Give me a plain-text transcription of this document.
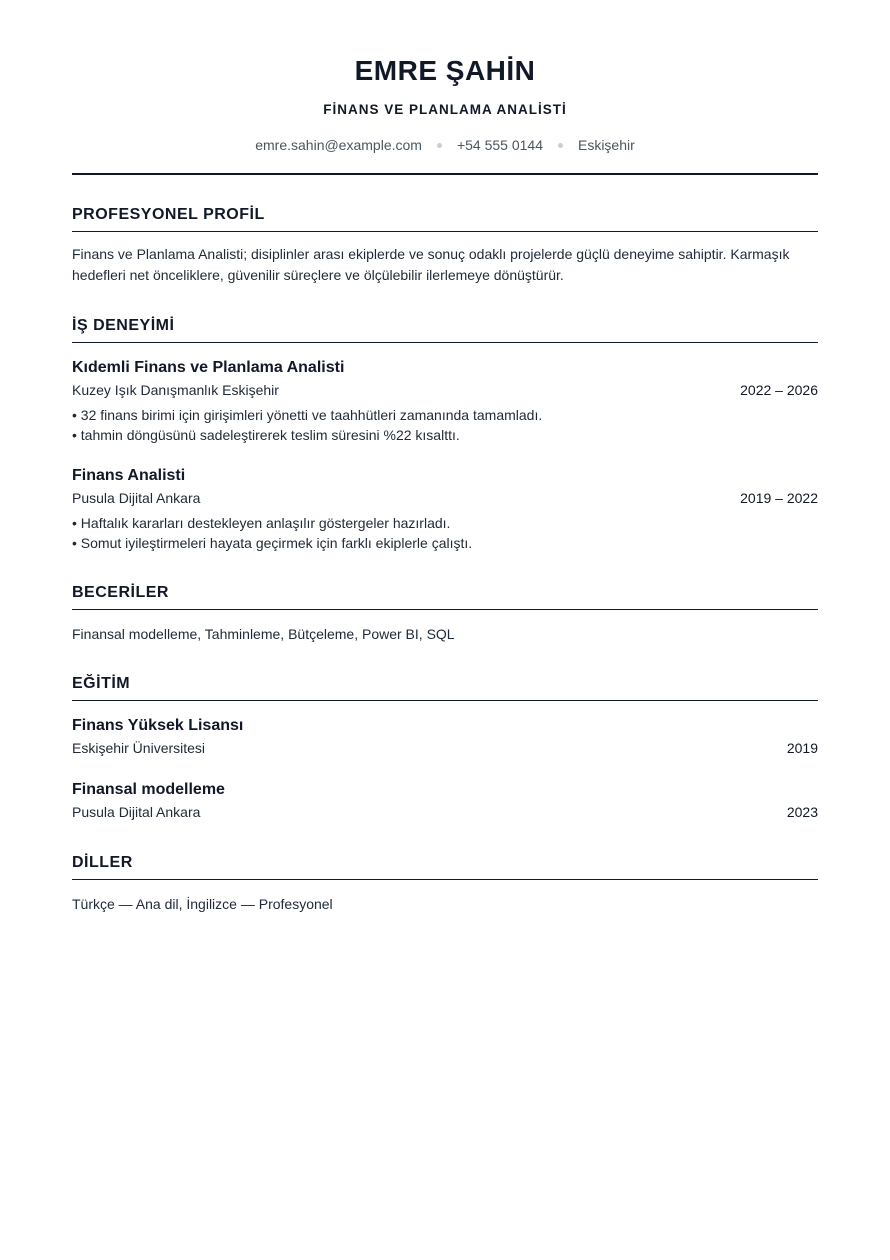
EMRE ŞAHİN
FİNANS VE PLANLAMA ANALİSTİ
emre.sahin@example.com	+54 555 0144	Eskişehir
PROFESYONEL PROFİL
Finans ve Planlama Analisti; disiplinler arası ekiplerde ve sonuç odaklı projelerde güçlü deneyime sahiptir. Karmaşık hedefleri net önceliklere, güvenilir süreçlere ve ölçülebilir ilerlemeye dönüştürür.
İŞ DENEYİMİ
Kıdemli Finans ve Planlama Analisti
Kuzey Işık Danışmanlık Eskişehir	2022 – 2026
• 32 finans birimi için girişimleri yönetti ve taahhütleri zamanında tamamladı.
• tahmin döngüsünü sadeleştirerek teslim süresini %22 kısalttı.
Finans Analisti
Pusula Dijital Ankara	2019 – 2022
• Haftalık kararları destekleyen anlaşılır göstergeler hazırladı.
• Somut iyileştirmeleri hayata geçirmek için farklı ekiplerle çalıştı.
BECERİLER
Finansal modelleme, Tahminleme, Bütçeleme, Power BI, SQL
EĞİTİM
Finans Yüksek Lisansı
Eskişehir Üniversitesi	2019
Finansal modelleme
Pusula Dijital Ankara	2023
DİLLER
Türkçe — Ana dil, İngilizce — Profesyonel
